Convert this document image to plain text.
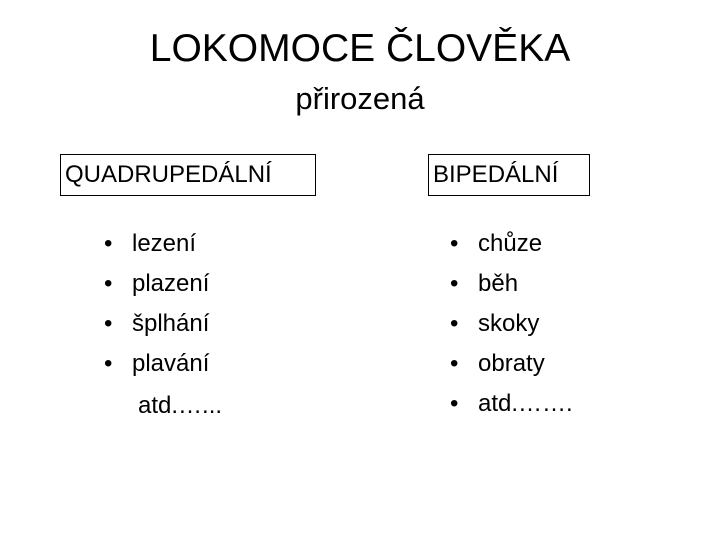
LOKOMOCE ČLOVĚKA
přirozená
QUADRUPEDÁLNÍ	BIPEDÁLNÍ
• lezení
• plazení
• šplhání
• plavání
atd.…...
• chůze
• běh
• skoky
• obraty
• atd.…….
